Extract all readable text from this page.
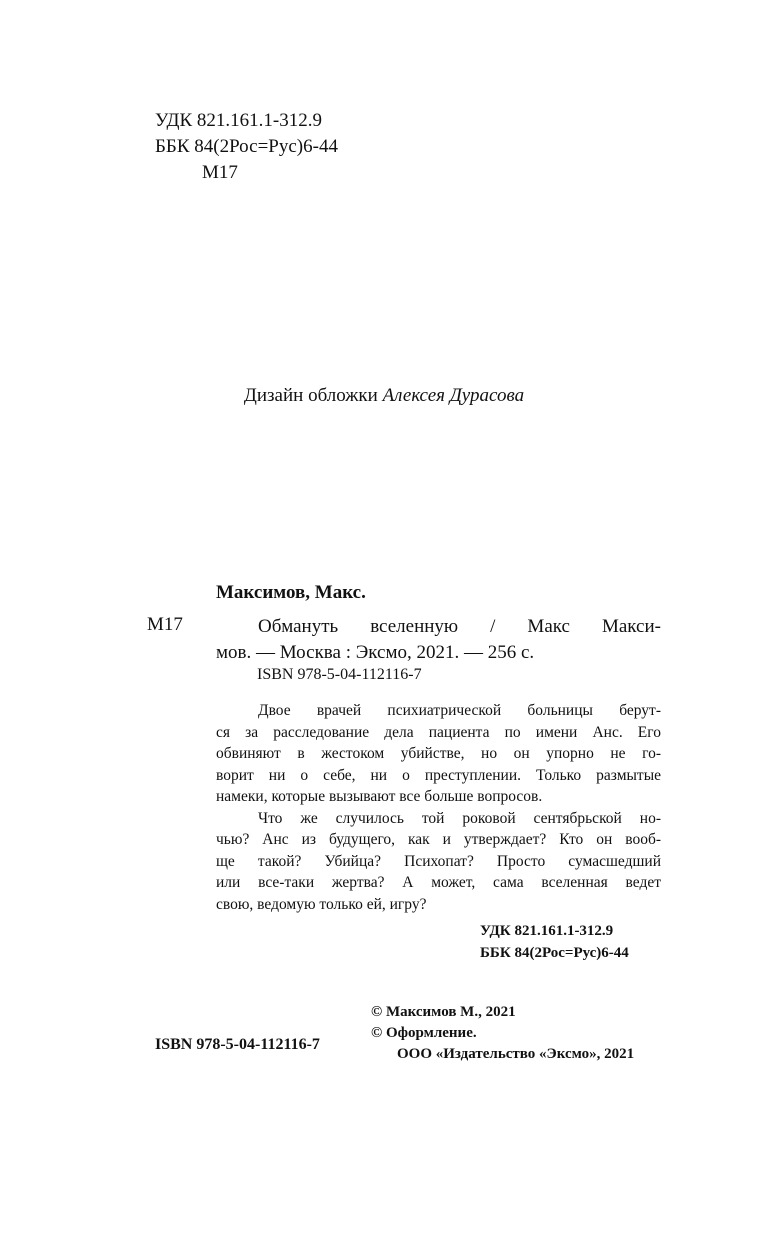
УДК 821.161.1-312.9
ББК 84(2Рос=Рус)6-44
М17
Дизайн обложки Алексея Дурасова
Максимов, Макс.
М17	Обмануть вселенную / Макс Макси-
мов. — Москва : Эксмо, 2021. — 256 с.
ISBN 978-5-04-112116-7
Двое врачей психиатрической больницы берут-
ся за расследование дела пациента по имени Анс. Его
обвиняют в жестоком убийстве, но он упорно не го-
ворит ни о себе, ни о преступлении. Только размытые
намеки, которые вызывают все больше вопросов.
Что же случилось той роковой сентябрьской но-
чью? Анс из будущего, как и утверждает? Кто он вооб-
ще такой? Убийца? Психопат? Просто сумасшедший
или все-таки жертва? А может, сама вселенная ведет
свою, ведомую только ей, игру?
УДК 821.161.1-312.9
ББК 84(2Рос=Рус)6-44
© Максимов М., 2021
© Оформление.
ООО «Издательство «Эксмо», 2021
ISBN 978-5-04-112116-7
